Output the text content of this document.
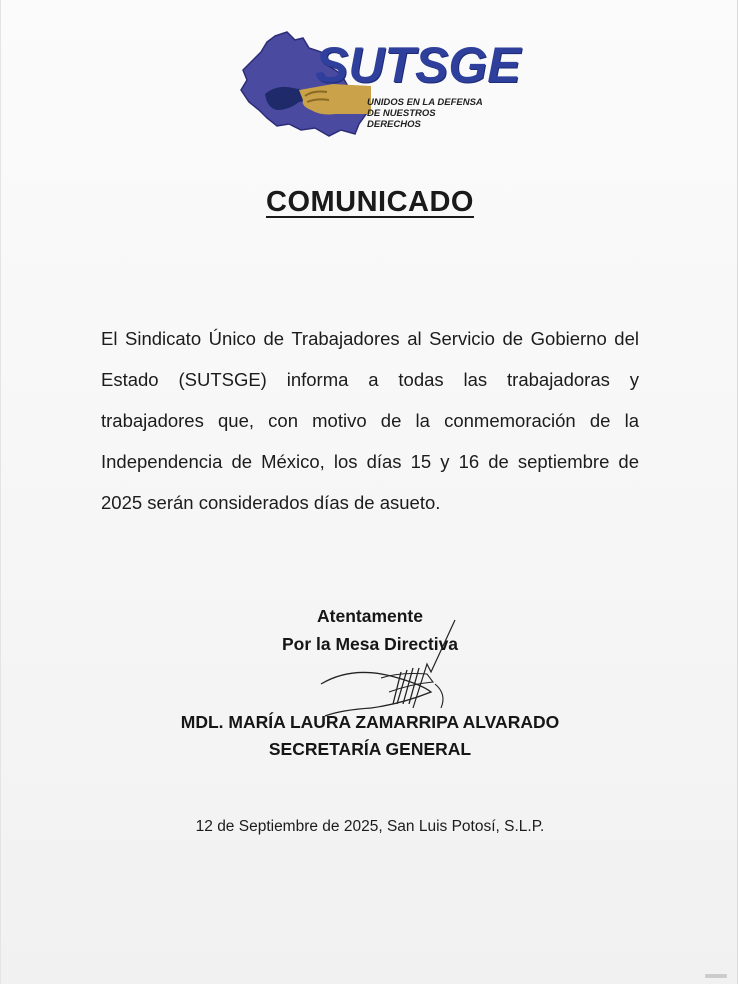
SUTSGE
UNIDOS EN LA DEFENSA
DE NUESTROS
DERECHOS
COMUNICADO
El Sindicato Único de Trabajadores al Servicio de Gobierno del Estado (SUTSGE) informa a todas las trabajadoras y trabajadores que, con motivo de la conmemoración de la Independencia de México, los días 15 y 16 de septiembre de 2025 serán considerados días de asueto.
Atentamente
Por la Mesa Directiva
MDL. MARÍA LAURA ZAMARRIPA ALVARADO
SECRETARÍA GENERAL
12 de Septiembre de 2025, San Luis Potosí, S.L.P.
